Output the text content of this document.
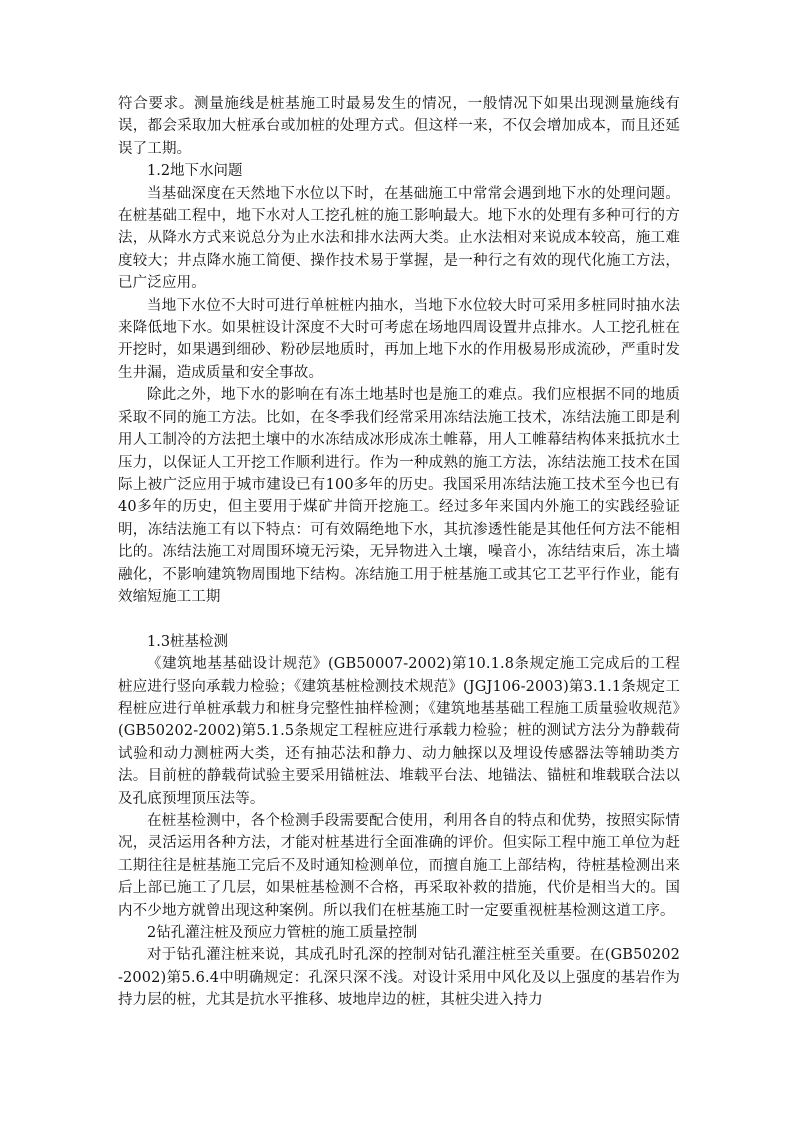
符合要求。测量施线是桩基施工时最易发生的情况，一般情况下如果出现测量施线有误，都会采取加大桩承台或加桩的处理方式。但这样一来，不仅会增加成本，而且还延误了工期。

1.2地下水问题

当基础深度在天然地下水位以下时，在基础施工中常常会遇到地下水的处理问题。在桩基础工程中，地下水对人工挖孔桩的施工影响最大。地下水的处理有多种可行的方法，从降水方式来说总分为止水法和排水法两大类。止水法相对来说成本较高，施工难度较大；井点降水施工简便、操作技术易于掌握，是一种行之有效的现代化施工方法，已广泛应用。

当地下水位不大时可进行单桩桩内抽水，当地下水位较大时可采用多桩同时抽水法来降低地下水。如果桩设计深度不大时可考虑在场地四周设置井点排水。人工挖孔桩在开挖时，如果遇到细砂、粉砂层地质时，再加上地下水的作用极易形成流砂，严重时发生井漏，造成质量和安全事故。

除此之外，地下水的影响在有冻土地基时也是施工的难点。我们应根据不同的地质采取不同的施工方法。比如，在冬季我们经常采用冻结法施工技术，冻结法施工即是利用人工制冷的方法把土壤中的水冻结成冰形成冻土帷幕，用人工帷幕结构体来抵抗水土压力，以保证人工开挖工作顺利进行。作为一种成熟的施工方法，冻结法施工技术在国际上被广泛应用于城市建设已有100多年的历史。我国采用冻结法施工技术至今也已有40多年的历史，但主要用于煤矿井筒开挖施工。经过多年来国内外施工的实践经验证明，冻结法施工有以下特点：可有效隔绝地下水，其抗渗透性能是其他任何方法不能相比的。冻结法施工对周围环境无污染，无异物进入土壤，噪音小，冻结结束后，冻土墙融化，不影响建筑物周围地下结构。冻结施工用于桩基施工或其它工艺平行作业，能有效缩短施工工期

1.3桩基检测

《建筑地基基础设计规范》(GB50007-2002)第10.1.8条规定施工完成后的工程桩应进行竖向承载力检验；《建筑基桩检测技术规范》(JGJ106-2003)第3.1.1条规定工程桩应进行单桩承载力和桩身完整性抽样检测；《建筑地基基础工程施工质量验收规范》(GB50202-2002)第5.1.5条规定工程桩应进行承载力检验；桩的测试方法分为静载荷试验和动力测桩两大类，还有抽芯法和静力、动力触探以及埋设传感器法等辅助类方法。目前桩的静载荷试验主要采用锚桩法、堆载平台法、地锚法、锚桩和堆载联合法以及孔底预埋顶压法等。

在桩基检测中，各个检测手段需要配合使用，利用各自的特点和优势，按照实际情况，灵活运用各种方法，才能对桩基进行全面准确的评价。但实际工程中施工单位为赶工期往往是桩基施工完后不及时通知检测单位，而擅自施工上部结构，待桩基检测出来后上部已施工了几层，如果桩基检测不合格，再采取补救的措施，代价是相当大的。国内不少地方就曾出现这种案例。所以我们在桩基施工时一定要重视桩基检测这道工序。

2钻孔灌注桩及预应力管桩的施工质量控制

对于钻孔灌注桩来说，其成孔时孔深的控制对钻孔灌注桩至关重要。在(GB50202-2002)第5.6.4中明确规定：孔深只深不浅。对设计采用中风化及以上强度的基岩作为持力层的桩，尤其是抗水平推移、坡地岸边的桩，其桩尖进入持力
